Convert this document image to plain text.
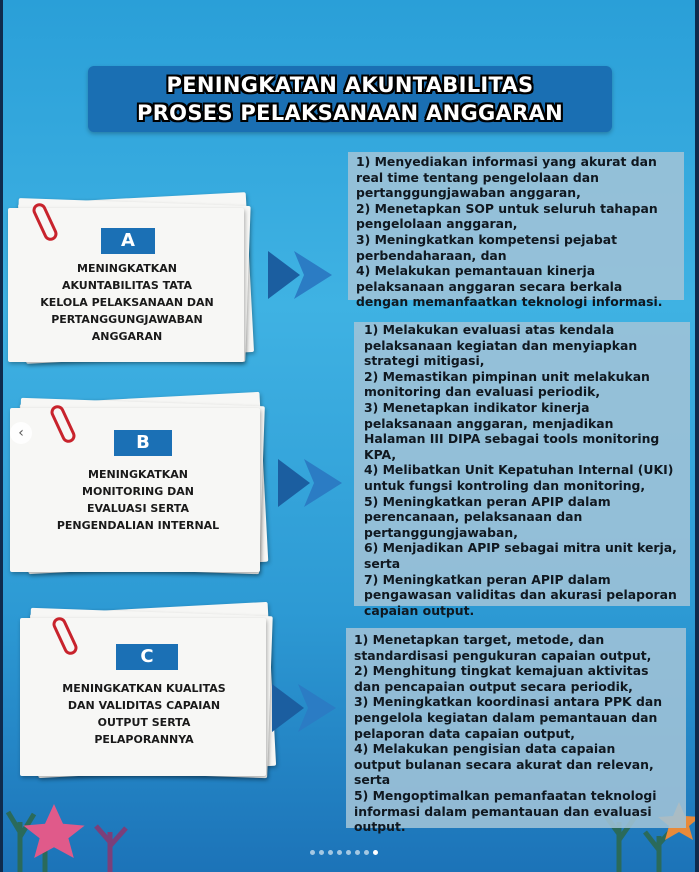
PENINGKATAN AKUNTABILITAS
PROSES PELAKSANAAN ANGGARAN
A
MENINGKATKAN
AKUNTABILITAS TATA
KELOLA PELAKSANAAN DAN
PERTANGGUNGJAWABAN
ANGGARAN
1) Menyediakan informasi yang akurat dan
real time tentang pengelolaan dan
pertanggungjawaban anggaran,
2) Menetapkan SOP untuk seluruh tahapan
pengelolaan anggaran,
3) Meningkatkan kompetensi pejabat
perbendaharaan, dan
4) Melakukan pemantauan kinerja
pelaksanaan anggaran secara berkala
dengan memanfaatkan teknologi informasi.
B
MENINGKATKAN
MONITORING DAN
EVALUASI SERTA
PENGENDALIAN INTERNAL
‹
1) Melakukan evaluasi atas kendala
pelaksanaan kegiatan dan menyiapkan
strategi mitigasi,
2) Memastikan pimpinan unit melakukan
monitoring dan evaluasi periodik,
3) Menetapkan indikator kinerja
pelaksanaan anggaran, menjadikan
Halaman III DIPA sebagai tools monitoring
KPA,
4) Melibatkan Unit Kepatuhan Internal (UKI)
untuk fungsi kontroling dan monitoring,
5) Meningkatkan peran APIP dalam
perencanaan, pelaksanaan dan
pertanggungjawaban,
6) Menjadikan APIP sebagai mitra unit kerja,
serta
7) Meningkatkan peran APIP dalam
pengawasan validitas dan akurasi pelaporan
capaian output.
C
MENINGKATKAN KUALITAS
DAN VALIDITAS CAPAIAN
OUTPUT SERTA
PELAPORANNYA
1) Menetapkan target, metode, dan
standardisasi pengukuran capaian output,
2) Menghitung tingkat kemajuan aktivitas
dan pencapaian output secara periodik,
3) Meningkatkan koordinasi antara PPK dan
pengelola kegiatan dalam pemantauan dan
pelaporan data capaian output,
4) Melakukan pengisian data capaian
output bulanan secara akurat dan relevan,
serta
5) Mengoptimalkan pemanfaatan teknologi
informasi dalam pemantauan dan evaluasi
output.
